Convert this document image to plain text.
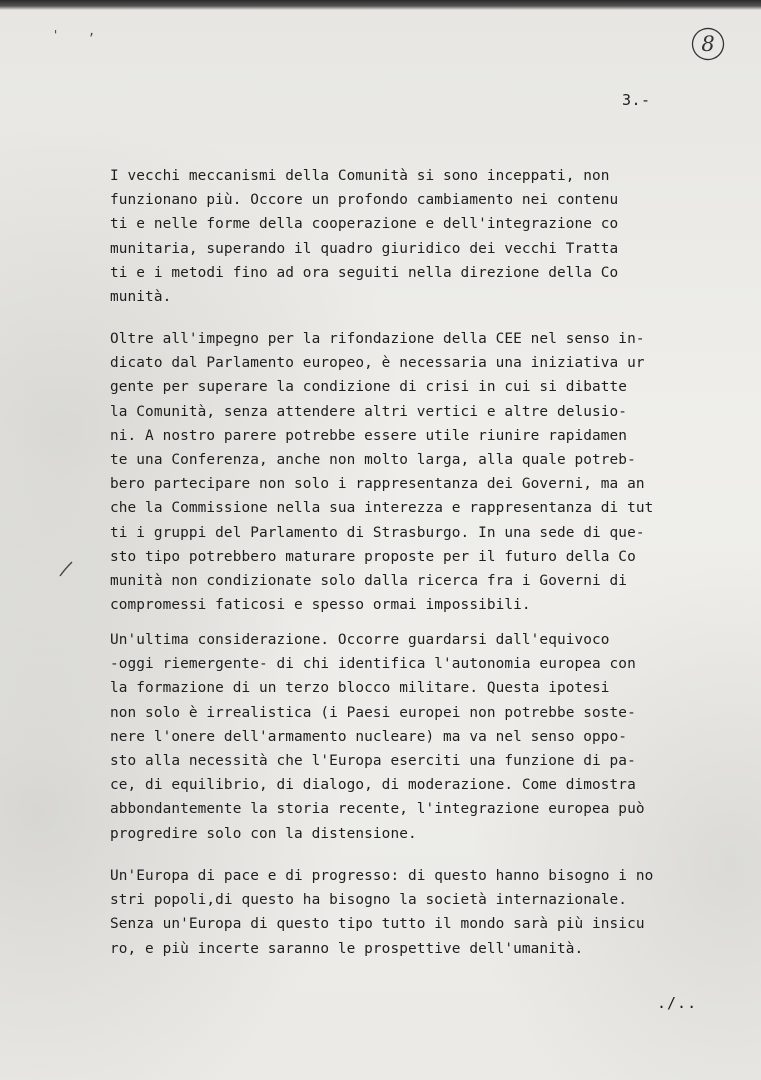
' ,
8
3.-

I vecchi meccanismi della Comunità si sono inceppati, non
funzionano più. Occore un profondo cambiamento nei contenu
ti e nelle forme della cooperazione e dell'integrazione co
munitaria, superando il quadro giuridico dei vecchi Tratta
ti e i metodi fino ad ora seguiti nella direzione della Co
munità.

Oltre all'impegno per la rifondazione della CEE nel senso in-
dicato dal Parlamento europeo, è necessaria una iniziativa ur
gente per superare la condizione di crisi in cui si dibatte
la Comunità, senza attendere altri vertici e altre delusio-
ni. A nostro parere potrebbe essere utile riunire rapidamen
te una Conferenza, anche non molto larga, alla quale potreb-
bero partecipare non solo i rappresentanza dei Governi, ma an
che la Commissione nella sua interezza e rappresentanza di tut
ti i gruppi del Parlamento di Strasburgo. In una sede di que-
sto tipo potrebbero maturare proposte per il futuro della Co
munità non condizionate solo dalla ricerca fra i Governi di
compromessi faticosi e spesso ormai impossibili.

Un'ultima considerazione. Occorre guardarsi dall'equivoco
-oggi riemergente- di chi identifica l'autonomia europea con
la formazione di un terzo blocco militare. Questa ipotesi
non solo è irrealistica (i Paesi europei non potrebbe soste-
nere l'onere dell'armamento nucleare) ma va nel senso oppo-
sto alla necessità che l'Europa eserciti una funzione di pa-
ce, di equilibrio, di dialogo, di moderazione. Come dimostra
abbondantemente la storia recente, l'integrazione europea può
progredire solo con la distensione.

Un'Europa di pace e di progresso: di questo hanno bisogno i no
stri popoli,di questo ha bisogno la società internazionale.
Senza un'Europa di questo tipo tutto il mondo sarà più insicu
ro, e più incerte saranno le prospettive dell'umanità.

./..
